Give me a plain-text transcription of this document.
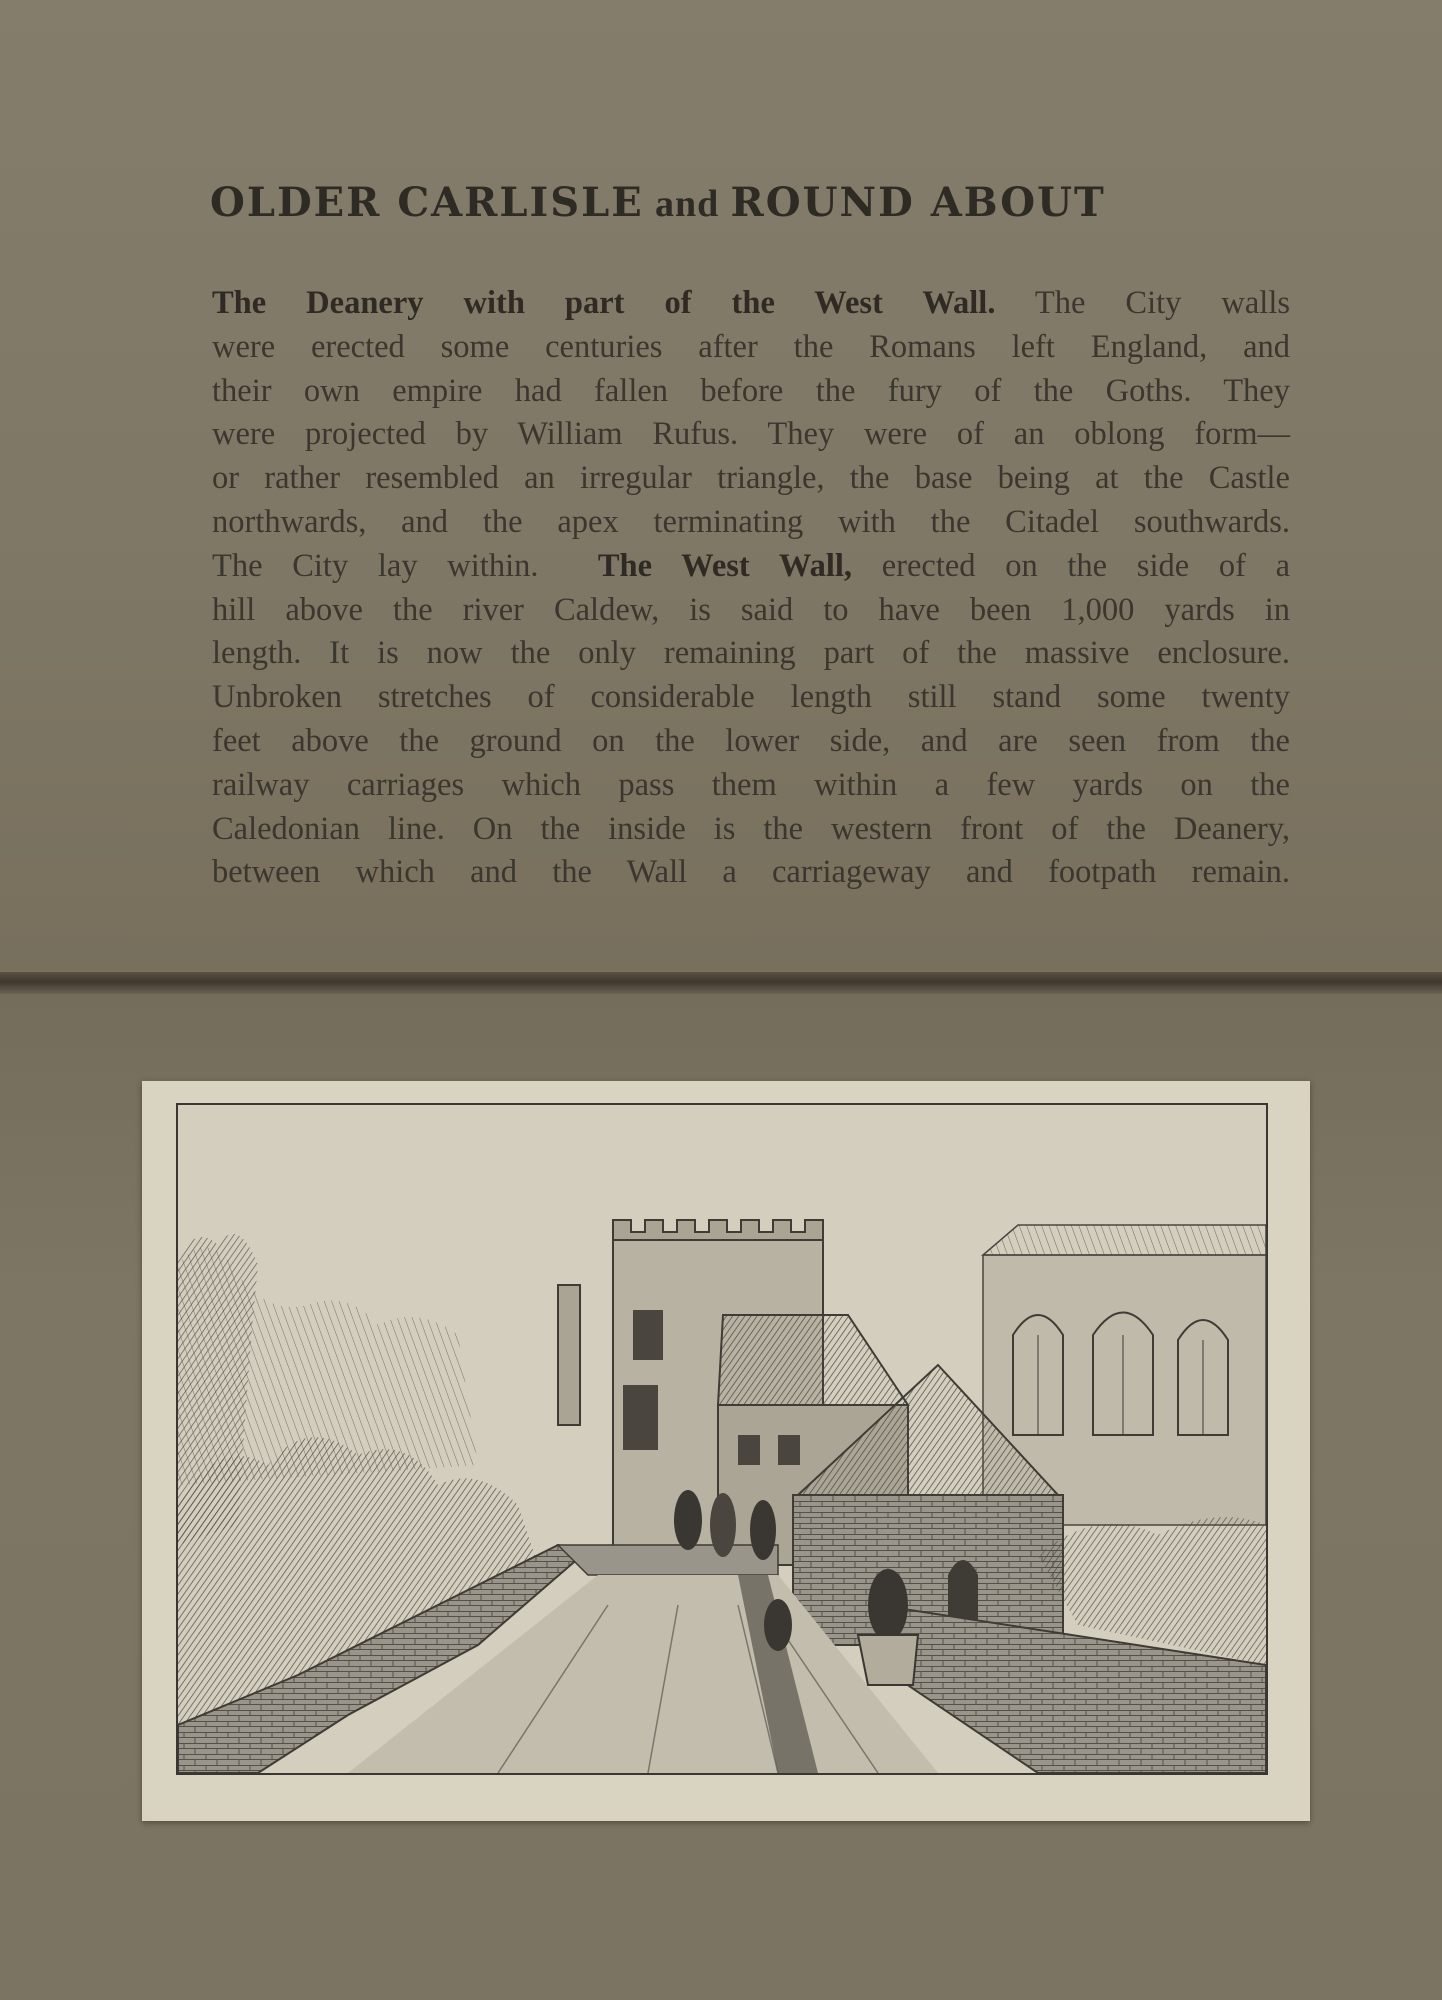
OLDER CARLISLE and ROUND ABOUT
The Deanery with part of the West Wall. The City walls
were erected some centuries after the Romans left England, and
their own empire had fallen before the fury of the Goths. They
were projected by William Rufus. They were of an oblong form—
or rather resembled an irregular triangle, the base being at the Castle
northwards, and the apex terminating with the Citadel southwards.
The City lay within. The West Wall, erected on the side of a
hill above the river Caldew, is said to have been 1,000 yards in
length. It is now the only remaining part of the massive enclosure.
Unbroken stretches of considerable length still stand some twenty
feet above the ground on the lower side, and are seen from the
railway carriages which pass them within a few yards on the
Caledonian line. On the inside is the western front of the Deanery,
between which and the Wall a carriageway and footpath remain.
